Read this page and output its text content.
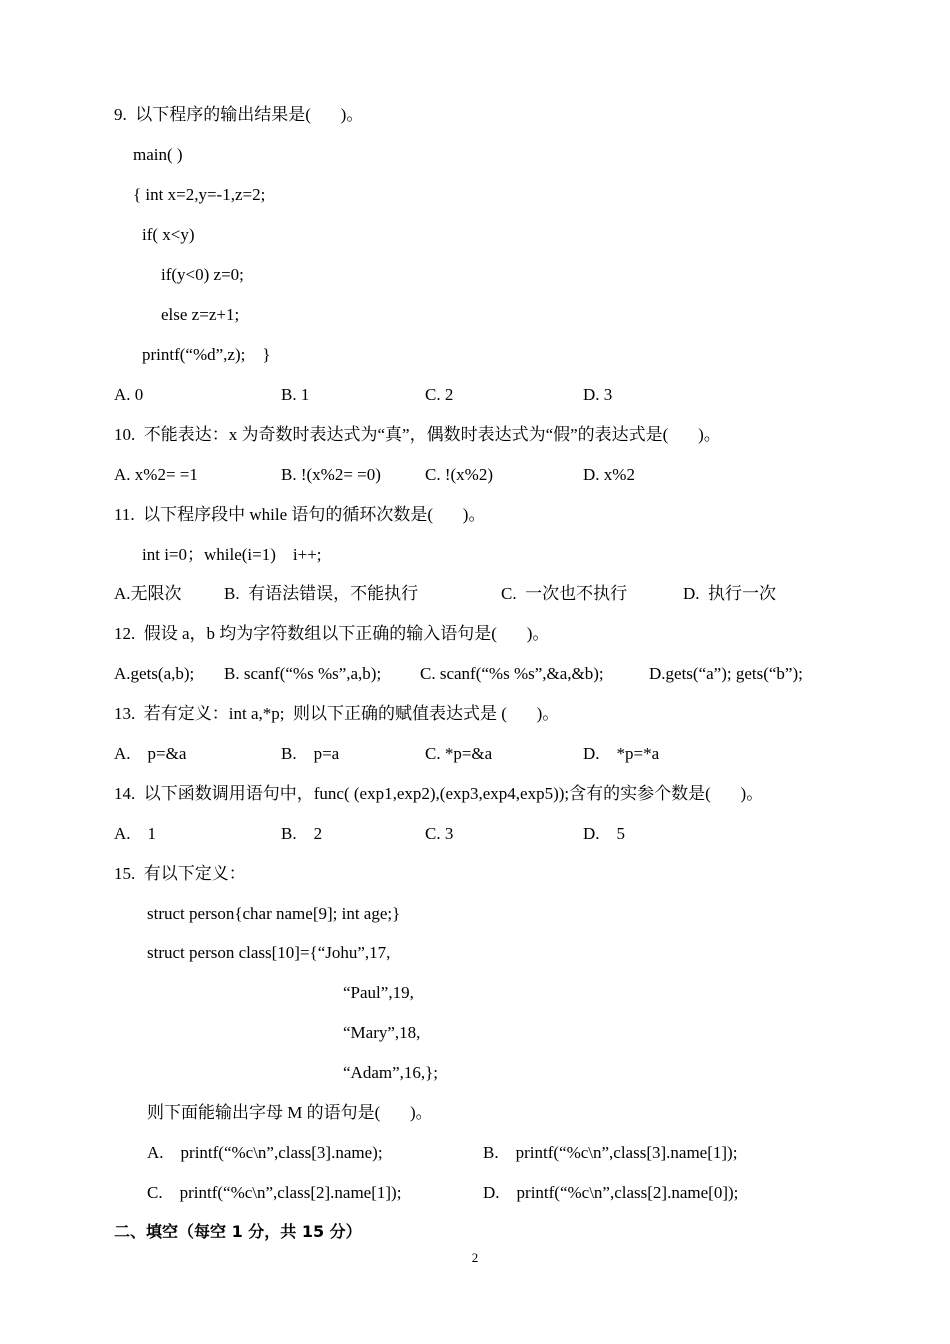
9.  以下程序的输出结果是(       )。
main( )
{ int x=2,y=-1,z=2;
if( x<y)
if(y<0) z=0;
else z=z+1;
printf(“%d”,z);    }
A. 0	B. 1	C. 2	D. 3
10.  不能表达：x 为奇数时表达式为“真”，偶数时表达式为“假”的表达式是(       )。
A. x%2= =1	B. !(x%2= =0)	C. !(x%2)	D. x%2
11.  以下程序段中 while 语句的循环次数是(       )。
int i=0；while(i=1)    i++;
A.无限次 B.  有语法错误，不能执行	C.  一次也不执行	D.  执行一次
12.  假设 a，b 均为字符数组以下正确的输入语句是(       )。
A.gets(a,b); B. scanf(“%s %s”,a,b); C. scanf(“%s %s”,&a,&b);	D.gets(“a”); gets(“b”);
13.  若有定义：int a,*p;  则以下正确的赋值表达式是 (       )。
A.    p=&a	B.    p=a	C. *p=&a	D.    *p=*a
14.  以下函数调用语句中，func( (exp1,exp2),(exp3,exp4,exp5));含有的实参个数是(       )。
A.    1	B.    2	C. 3	D.    5
15.  有以下定义：
struct person{char name[9]; int age;}
struct person class[10]={“Johu”,17,
“Paul”,19,
“Mary”,18,
“Adam”,16,};
则下面能输出字母 M 的语句是(       )。
A.    printf(“%c\n”,class[3].name);	B.    printf(“%c\n”,class[3].name[1]);
C.    printf(“%c\n”,class[2].name[1]);	D.    printf(“%c\n”,class[2].name[0]);
二、填空（每空 1 分，共 15 分）
2
